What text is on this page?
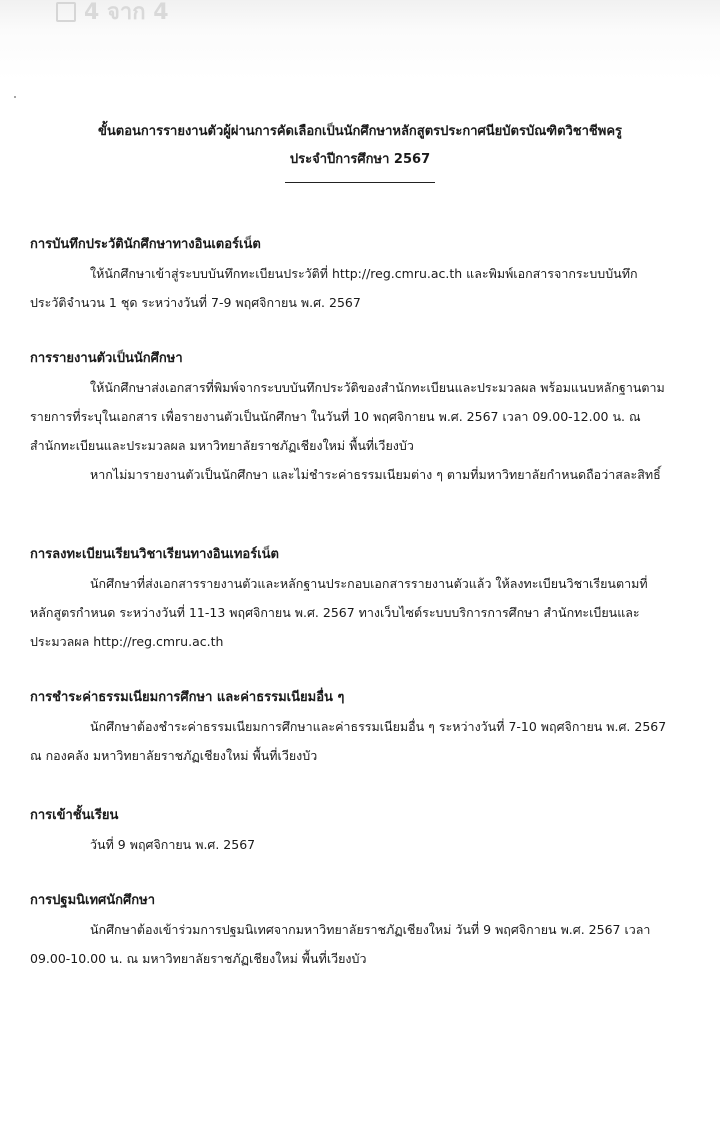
4 จาก 4
ขั้นตอนการรายงานตัวผู้ผ่านการคัดเลือกเป็นนักศึกษาหลักสูตรประกาศนียบัตรบัณฑิตวิชาชีพครู
ประจำปีการศึกษา 2567
การบันทึกประวัตินักศึกษาทางอินเตอร์เน็ต

ให้นักศึกษาเข้าสู่ระบบบันทึกทะเบียนประวัติที่ http://reg.cmru.ac.th และพิมพ์เอกสารจากระบบบันทึกประวัติจำนวน 1 ชุด ระหว่างวันที่ 7-9 พฤศจิกายน พ.ศ. 2567

การรายงานตัวเป็นนักศึกษา

ให้นักศึกษาส่งเอกสารที่พิมพ์จากระบบบันทึกประวัติของสำนักทะเบียนและประมวลผล พร้อมแนบหลักฐานตามรายการที่ระบุในเอกสาร เพื่อรายงานตัวเป็นนักศึกษา ในวันที่ 10 พฤศจิกายน พ.ศ. 2567 เวลา 09.00-12.00 น. ณ สำนักทะเบียนและประมวลผล มหาวิทยาลัยราชภัฏเชียงใหม่ พื้นที่เวียงบัว

หากไม่มารายงานตัวเป็นนักศึกษา และไม่ชำระค่าธรรมเนียมต่าง ๆ ตามที่มหาวิทยาลัยกำหนดถือว่าสละสิทธิ์

การลงทะเบียนเรียนวิชาเรียนทางอินเทอร์เน็ต

นักศึกษาที่ส่งเอกสารรายงานตัวและหลักฐานประกอบเอกสารรายงานตัวแล้ว ให้ลงทะเบียนวิชาเรียนตามที่หลักสูตรกำหนด ระหว่างวันที่ 11-13 พฤศจิกายน พ.ศ. 2567 ทางเว็บไซต์ระบบบริการการศึกษา สำนักทะเบียนและประมวลผล http://reg.cmru.ac.th

การชำระค่าธรรมเนียมการศึกษา และค่าธรรมเนียมอื่น ๆ

นักศึกษาต้องชำระค่าธรรมเนียมการศึกษาและค่าธรรมเนียมอื่น ๆ ระหว่างวันที่ 7-10 พฤศจิกายน พ.ศ. 2567 ณ กองคลัง มหาวิทยาลัยราชภัฏเชียงใหม่ พื้นที่เวียงบัว

การเข้าชั้นเรียน

วันที่ 9 พฤศจิกายน พ.ศ. 2567

การปฐมนิเทศนักศึกษา

นักศึกษาต้องเข้าร่วมการปฐมนิเทศจากมหาวิทยาลัยราชภัฏเชียงใหม่ วันที่ 9 พฤศจิกายน พ.ศ. 2567 เวลา 09.00-10.00 น. ณ มหาวิทยาลัยราชภัฏเชียงใหม่ พื้นที่เวียงบัว
